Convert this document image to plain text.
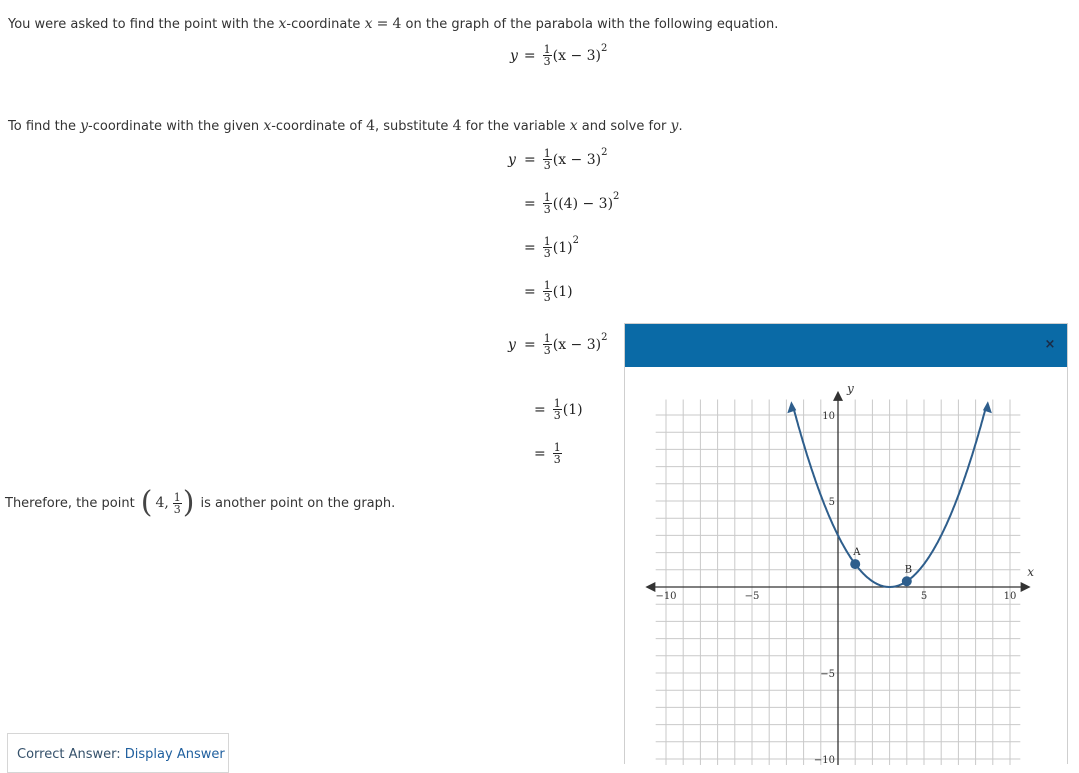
You were asked to find the point with the x-coordinate x = 4 on the graph of the parabola with the following equation.
$y = \frac{1}{3} (x - 3)$ 2
To find the y-coordinate with the given x-coordinate of 4, substitute 4 for the variable x and solve for y.
$y = \frac{1}{3} (x - 3)$ 2
= $\frac{1}{3} ((4) - 3)$ 2
= $\frac{1}{3} (1)$ 2
= $\frac{1}{3} (1)$
$y = \frac{1}{3} (x - 3)$ 2
= $\frac{1}{3} (1)$
= $\frac{1}{3}$
Therefore, the point ( 4, $\frac{1}{3}$ ) is another point on the graph.
Correct Answer: Display Answer
×
−10	−5	5	10
10
5
−5
−10
x
y
A
B
